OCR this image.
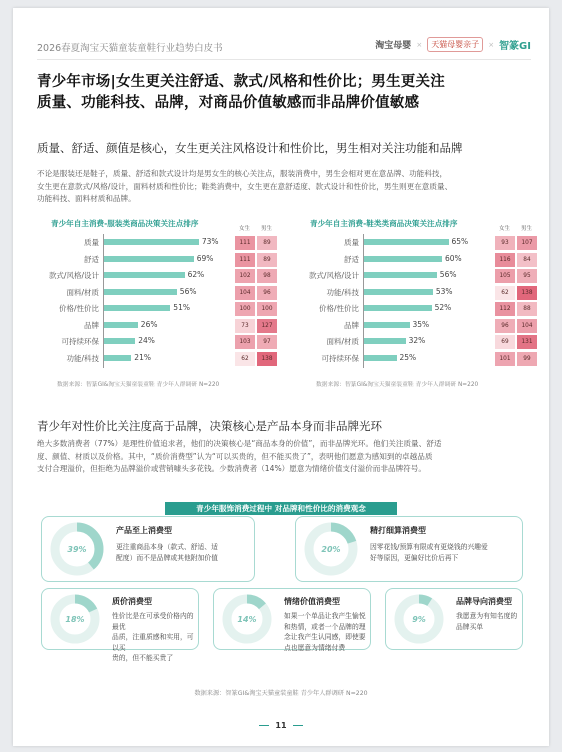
2026春夏淘宝天猫童装童鞋行业趋势白皮书	淘宝母婴 ×	天猫母婴亲子	× 智篆GI
青少年市场|女生更关注舒适、款式/风格和性价比；男生更关注
质量、功能科技、品牌，对商品价值敏感而非品牌价值敏感
质量、舒适、颜值是核心，女生更关注风格设计和性价比，男生相对关注功能和品牌
不论是服装还是鞋子，质量、舒适和款式设计均是男女生的核心关注点，服装消费中，男生会相对更在意品牌、功能科技，
女生更在意款式/风格/设计，面料材质和性价比；鞋类消费中，女生更在意舒适度、款式设计和性价比，男生则更在意质量、
功能科技、面料材质和品牌。
青少年自主消费-服装类商品决策关注点排序
女生 男生
质量	73%	111	89
舒适	69%	111	89
款式/风格/设计	62%	102	98
面料/材质	56%	104	96
价格/性价比	51%	100	100
品牌	26%	73	127
可持续环保	24%	103	97
功能/科技	21%	62	138
数据来源：智篆GI&淘宝天猫童装童鞋 青少年人群调研 N=220
青少年自主消费-鞋类类商品决策关注点排序
女生 男生
质量	65%	93	107
舒适	60%	116	84
款式/风格/设计	56%	105	95
功能/科技	53%	62	138
价格/性价比	52%	112	88
品牌	35%	96	104
面料/材质	32%	69	131
可持续环保	25%	101	99
数据来源：智篆GI&淘宝天猫童装童鞋 青少年人群调研 N=220
青少年对性价比关注度高于品牌，决策核心是产品本身而非品牌光环
绝大多数消费者（77%）是理性价值追求者，他们的决策核心是“商品本身的价值”，而非品牌光环。他们关注质量、舒适
度、颜值、材质以及价格。其中，“质价消费型”认为“可以买贵的，但不能买贵了”，表明他们愿意为感知到的卓越品质
支付合理溢价，但拒绝为品牌溢价或营销噱头多花钱。少数消费者（14%）愿意为情绪价值支付溢价而非品牌符号。
青少年服饰消费过程中 对品牌和性价比的消费观念
39%
产品至上消费型
更注重商品本身（款式、舒适、适
配度）而不是品牌或其他附加价值
20%
精打细算消费型
因零花钱/预算有限或有更烧钱的兴趣爱
好等原因，更偏好比价后再下
18%
质价消费型
性价比是在可承受价格内的最优
品质，注重质感和实用，可以买
贵的，但不能买贵了
14%
情绪价值消费型
如果一个单品让我产生愉悦
和热情，或者一个品牌的理
念让我产生认同感，即使要
点也愿意为情绪付费
9%
品牌导向消费型
我愿意为有知名度的
品牌买单
数据来源：智篆GI&淘宝天猫童装童鞋 青少年人群调研 N=220
11
